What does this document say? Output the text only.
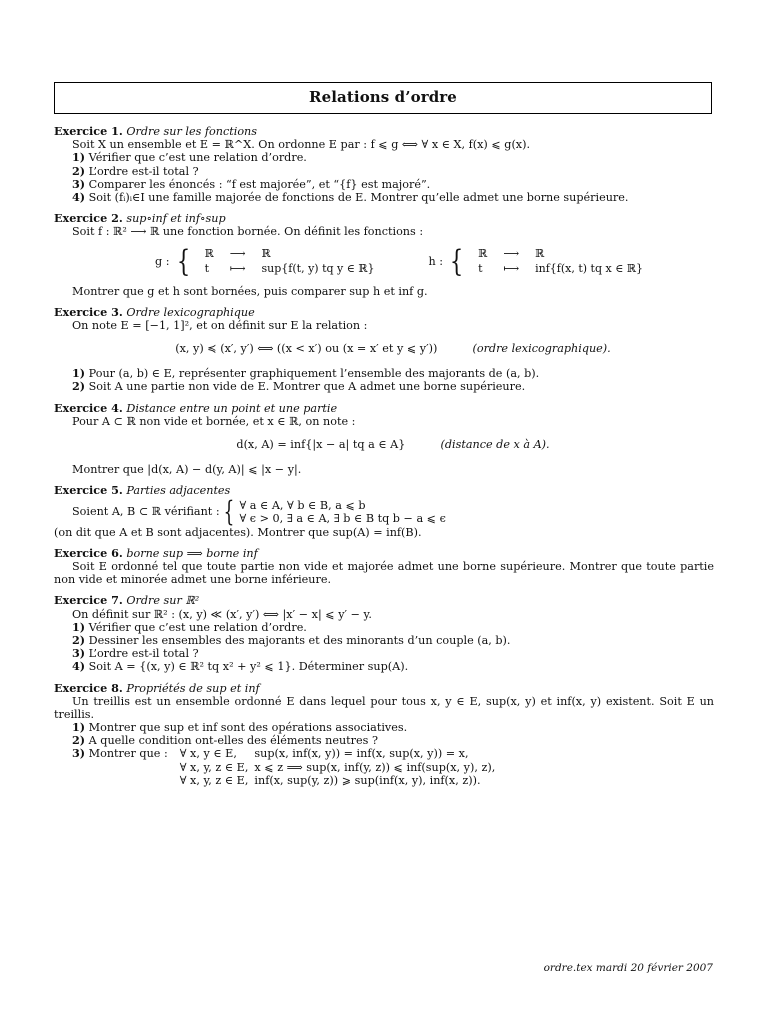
Relations d’ordre
Exercice 1. Ordre sur les fonctions
Soit X un ensemble et E = ℝ^X. On ordonne E par : f ⩽ g ⟺ ∀ x ∈ X, f(x) ⩽ g(x).
1) Vérifier que c’est une relation d’ordre.
2) L’ordre est-il total ?
3) Comparer les énoncés : “f est majorée”, et “{f} est majoré”.
4) Soit (fᵢ)ᵢ∈I une famille majorée de fonctions de E. Montrer qu’elle admet une borne supérieure.
Exercice 2. sup∘inf et inf∘sup
Soit f : ℝ² ⟶ ℝ une fonction bornée. On définit les fonctions :
g : { ℝ	⟶	ℝ
t	⟼	sup{f(t, y) tq y ∈ ℝ}
h : { ℝ	⟶	ℝ
t	⟼	inf{f(x, t) tq x ∈ ℝ}
Montrer que g et h sont bornées, puis comparer sup h et inf g.
Exercice 3. Ordre lexicographique
On note E = [−1, 1]², et on définit sur E la relation :
(x, y) ≼ (x′, y′) ⟺ ((x < x′) ou (x = x′ et y ⩽ y′))	(ordre lexicographique).
1) Pour (a, b) ∈ E, représenter graphiquement l’ensemble des majorants de (a, b).
2) Soit A une partie non vide de E. Montrer que A admet une borne supérieure.
Exercice 4. Distance entre un point et une partie
Pour A ⊂ ℝ non vide et bornée, et x ∈ ℝ, on note :
d(x, A) = inf{|x − a| tq a ∈ A}	(distance de x à A).
Montrer que |d(x, A) − d(y, A)| ⩽ |x − y|.
Exercice 5. Parties adjacentes
Soient A, B ⊂ ℝ vérifiant : { ∀ a ∈ A, ∀ b ∈ B, a ⩽ b
∀ ϵ > 0, ∃ a ∈ A, ∃ b ∈ B tq b − a ⩽ ϵ
(on dit que A et B sont adjacentes). Montrer que sup(A) = inf(B).
Exercice 6. borne sup ⟹ borne inf
Soit E ordonné tel que toute partie non vide et majorée admet une borne supérieure. Montrer que toute partie non vide et minorée admet une borne inférieure.
Exercice 7. Ordre sur ℝ²
On définit sur ℝ² : (x, y) ≪ (x′, y′) ⟺ |x′ − x| ⩽ y′ − y.
1) Vérifier que c’est une relation d’ordre.
2) Dessiner les ensembles des majorants et des minorants d’un couple (a, b).
3) L’ordre est-il total ?
4) Soit A = {(x, y) ∈ ℝ² tq x² + y² ⩽ 1}. Déterminer sup(A).
Exercice 8. Propriétés de sup et inf
Un treillis est un ensemble ordonné E dans lequel pour tous x, y ∈ E, sup(x, y) et inf(x, y) existent. Soit E un treillis.
1) Montrer que sup et inf sont des opérations associatives.
2) A quelle condition ont-elles des éléments neutres ?
3) Montrer que :	∀ x, y ∈ E,	sup(x, inf(x, y)) = inf(x, sup(x, y)) = x,
∀ x, y, z ∈ E,	x ⩽ z ⟹ sup(x, inf(y, z)) ⩽ inf(sup(x, y), z),
∀ x, y, z ∈ E,	inf(x, sup(y, z)) ⩾ sup(inf(x, y), inf(x, z)).
ordre.tex mardi 20 février 2007
